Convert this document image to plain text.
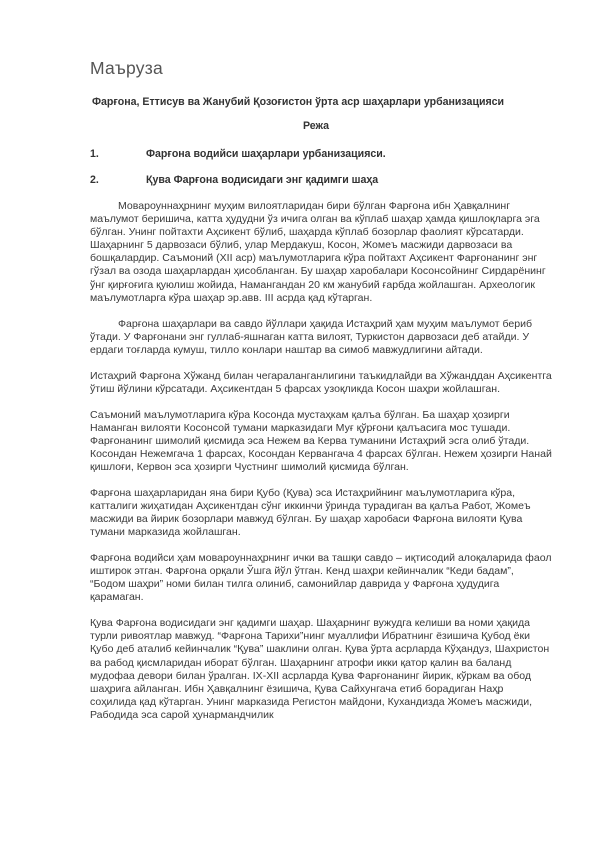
Маъруза
Фарғона, Еттисув ва Жанубий Қозоғистон ўрта аср шаҳарлари урбанизацияси
Режа
1.	Фарғона водийси шаҳарлари урбанизацияси.
2.	Қува Фарғона водисидаги энг қадимги шаҳа

Мовароуннаҳрнинг муҳим вилоятларидан бири бўлган Фарғона ибн Ҳавқалнинг маълумот беришича, катта ҳудудни ўз ичига олган ва кўплаб шаҳар ҳамда қишлоқларга эга бўлган. Унинг пойтахти Аҳсикент бўлиб, шаҳарда кўплаб бозорлар фаолият кўрсатарди. Шаҳарнинг 5 дарвозаси бўлиб, улар Мердакуш, Косон, Жомеъ масжиди дарвозаси ва бошқалардир. Саъмоний (XII аср) маълумотларига кўра пойтахт Аҳсикент Фарғонанинг энг гўзал ва озода шаҳарлардан ҳисобланган. Бу шаҳар харобалари Косонсойнинг Сирдарёнинг ўнг қирғоғига қуюлиш жойида, Намангандан 20 км жанубий ғарбда жойлашган. Археологик маълумотларга кўра шаҳар эр.авв. III асрда қад кўтарган.

Фарғона шаҳарлари ва савдо йўллари ҳақида Истаҳрий ҳам муҳим маълумот бериб ўтади. У Фарғонани энг гуллаб-яшнаган катта вилоят, Туркистон дарвозаси деб атайди. У ердаги тоғларда кумуш, тилло конлари наштар ва симоб мавжудлигини айтади.

Истаҳрий Фарғона Хўжанд билан чегаралангaнлигини таъкидлайди ва Хўжанддан Аҳсикентга ўтиш йўлини кўрсатади. Аҳсикентдан 5 фарсах узоқликда Косон шаҳри жойлашган.

Саъмоний маълумотларига кўра Косонда мустаҳкам қалъа бўлган. Ба шаҳар ҳозирги Наманган вилояти Косонсой тумани марказидаги Муғ қўрғони қалъасига мос тушади. Фарғонанинг шимолий қисмида эса Нежем ва Керва туманини Истаҳрий эсга олиб ўтади. Косондан Нежемгача 1 фарсах, Косондан Кервангача 4 фарсах бўлган. Нежем ҳозирги Нанай қишлоғи, Кервон эса ҳозирги Чустнинг шимолий қисмида бўлган.

Фарғона шаҳарларидан яна бири Қубо (Қува) эса Истаҳрийнинг маълумотларига кўра, катталиги жиҳатидан Аҳсикентдан сўнг иккинчи ўринда турадиган ва қалъа Работ, Жомеъ масжиди ва йирик бозорлари мавжуд бўлган. Бу шаҳар харобаси Фарғона вилояти Қува тумани марказида жойлашган.

Фарғона водийси ҳам мовароуннаҳрнинг ички ва ташқи савдо – иқтисодий алоқаларида фаол иштирок этган. Фарғона орқали Ўшга йўл ўтган. Кенд шаҳри кейинчалик “Кеди бадам”, “Бодом шаҳри” номи билан тилга олиниб, самонийлар даврида у Фарғона ҳудудига қарамаган.

Қува Фарғона водисидаги энг қадимги шаҳар. Шаҳарнинг вужудга келиши ва номи ҳақида турли ривоятлар мавжуд. “Фарғона Тарихи”нинг муаллифи Ибратнинг ёзишича Қубод ёки Қубо деб аталиб кейинчалик “Қува” шаклини олган. Қува ўрта асрларда Кўҳандуз, Шахристон ва рабод қисмларидан иборат бўлган. Шаҳарнинг атрофи икки қатор қалин ва баланд мудофаа девори билан ўралган. IX-XII асрларда Қува Фарғонанинг йирик, кўркам ва обод шаҳрига айланган. Ибн Ҳавқалнинг ёзишича, Қува Сайхунгача етиб боpадиган Наҳр соҳилида қад кўтарган. Унинг марказида Регистон майдони, Кухандизда Жомеъ масжиди, Рабодида эса сарой ҳунармандчилик
